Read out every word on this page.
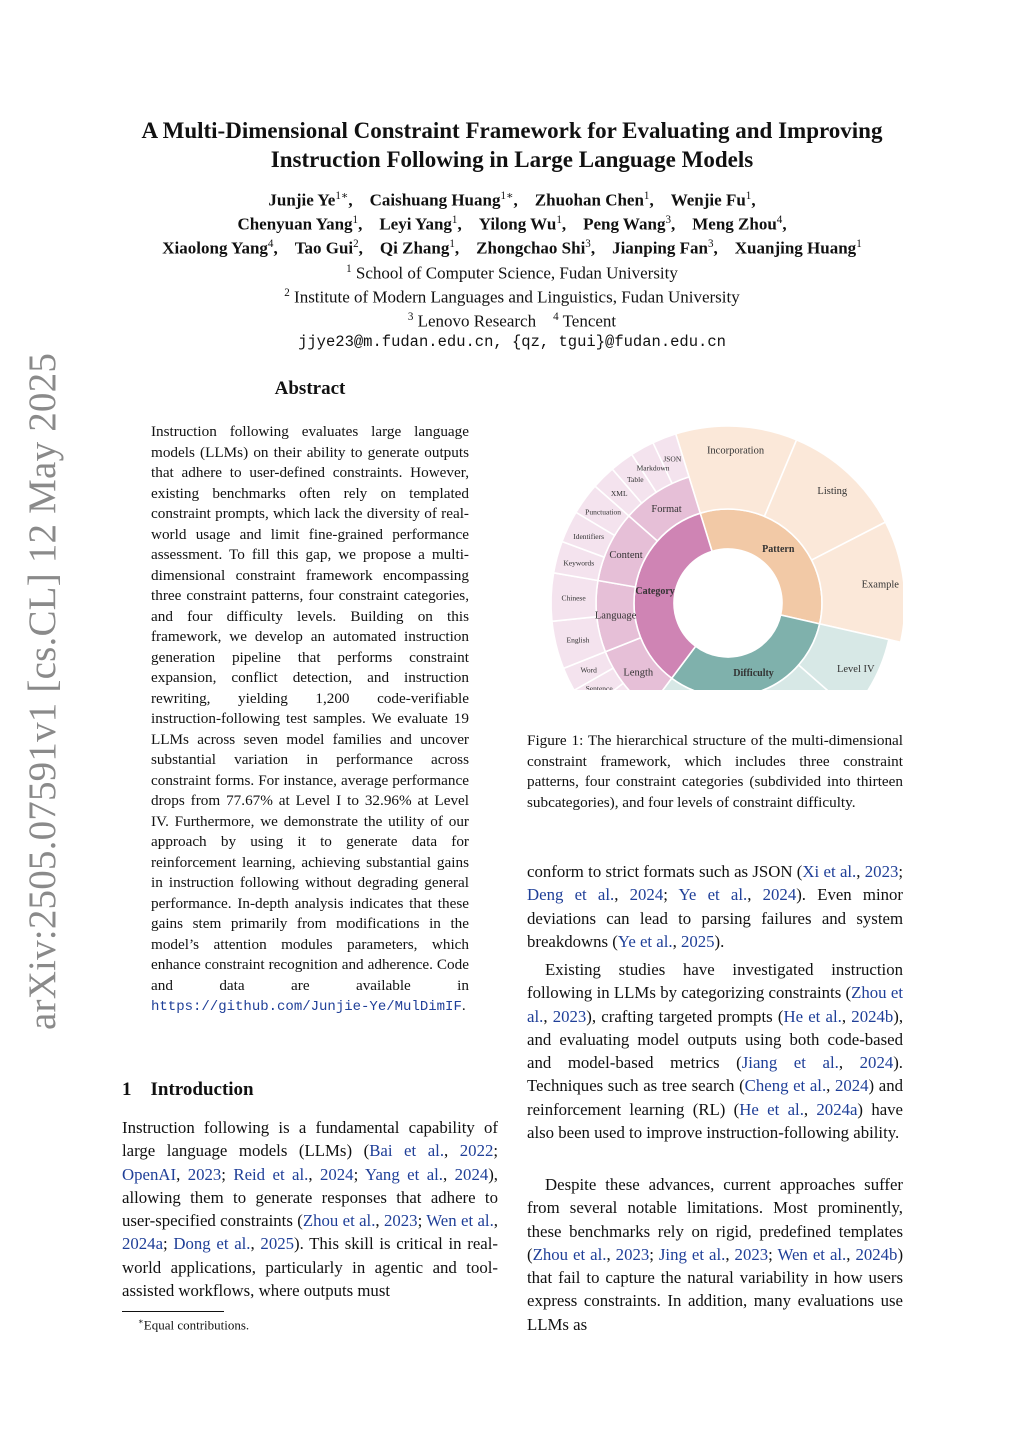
arXiv:2505.07591v1 [cs.CL] 12 May 2025
A Multi-Dimensional Constraint Framework for Evaluating and Improving
Instruction Following in Large Language Models
Junjie $Ye^{1∗}$, Caishuang Huang$^{1∗}$, Zhuohan Chen$^1$, Wenjie Fu$^1$,
Chenyuan Yang$^1$, Leyi Yang$^1$, Yilong Wu$^1$, Peng Wang$^3$, Meng Zhou$^4$,
Xiaolong Yang$^4$, Tao Gui$^2$, Qi Zhang$^1$, Zhongchao Shi$^3$, Jianping Fan$^3$, Xuanjing Huang$^1$
$^1$ School of Computer Science, Fudan University
$^2$ Institute of Modern Languages and Linguistics, Fudan University
$^3$ Lenovo Research $^4$ Tencent
jjye23@m.fudan.edu.cn, {qz, tgui}@fudan.edu.cn
Abstract
Instruction following evaluates large language models (LLMs) on their ability to generate outputs that adhere to user-defined constraints. However, existing benchmarks often rely on templated constraint prompts, which lack the diversity of real-world usage and limit fine-grained performance assessment. To fill this gap, we propose a multi-dimensional constraint framework encompassing three constraint patterns, four constraint categories, and four difficulty levels. Building on this framework, we develop an automated instruction generation pipeline that performs constraint expansion, conflict detection, and instruction rewriting, yielding 1,200 code-verifiable instruction-following test samples. We evaluate 19 LLMs across seven model families and uncover substantial variation in performance across constraint forms. For instance, average performance drops from 77.67% at Level I to 32.96% at Level IV. Furthermore, we demonstrate the utility of our approach by using it to generate data for reinforcement learning, achieving substantial gains in instruction following without degrading general performance. In-depth analysis indicates that these gains stem primarily from modifications in the model’s attention modules parameters, which enhance constraint recognition and adherence. Code and data are available in https://github.com/Junjie-Ye/MulDimIF.
1 Introduction
Instruction following is a fundamental capability of large language models (LLMs) (Bai et al., 2022; OpenAI, 2023; Reid et al., 2024; Yang et al., 2024), allowing them to generate responses that adhere to user-specified constraints (Zhou et al., 2023; Wen et al., 2024a; Dong et al., 2025). This skill is critical in real-world applications, particularly in agentic and tool-assisted workflows, where outputs must
∗Equal contributions.
Incorporation
Listing
Example
Level IV
Length
Sentence
Word
Language
English
Chinese
Content
Keywords
Identifiers
Punctuation	Format
XML
Table
Markdown
JSON
Pattern
Difficulty
Category
Figure 1: The hierarchical structure of the multi-dimensional constraint framework, which includes three constraint patterns, four constraint categories (subdivided into thirteen subcategories), and four levels of constraint difficulty.
conform to strict formats such as JSON (Xi et al., 2023; Deng et al., 2024; Ye et al., 2024). Even minor deviations can lead to parsing failures and system breakdowns (Ye et al., 2025).
Existing studies have investigated instruction following in LLMs by categorizing constraints (Zhou et al., 2023), crafting targeted prompts (He et al., 2024b), and evaluating model outputs using both code-based and model-based metrics (Jiang et al., 2024). Techniques such as tree search (Cheng et al., 2024) and reinforcement learning (RL) (He et al., 2024a) have also been used to improve instruction-following ability.
Despite these advances, current approaches suffer from several notable limitations. Most prominently, these benchmarks rely on rigid, predefined templates (Zhou et al., 2023; Jing et al., 2023; Wen et al., 2024b) that fail to capture the natural variability in how users express constraints. In addition, many evaluations use LLMs as
